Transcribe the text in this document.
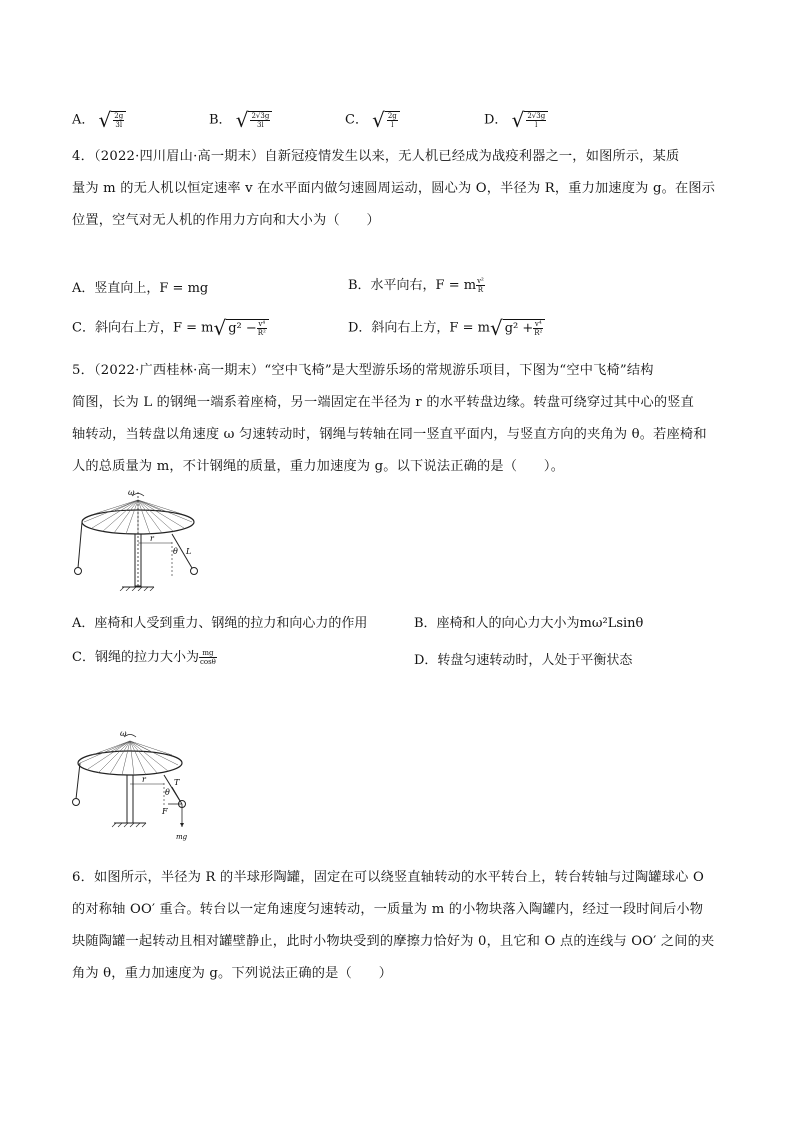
A． √ $\frac{2g}{3l}$	B． √ $\frac{2√3g}{3l}$	C． √ $\frac{2g}{l}$	D． √ $\frac{2√3g}{l}$
4．（2022·四川眉山·高一期末）自新冠疫情发生以来，无人机已经成为战疫利器之一，如图所示，某质
量为 m 的无人机以恒定速率 v 在水平面内做匀速圆周运动，圆心为 O，半径为 R，重力加速度为 g。在图示
位置，空气对无人机的作用力方向和大小为（　　）
A．竖直向上，F = mg	B．水平向右，F = m $\frac{\text{v²}}{R}$
C．斜向右上方，F = m√ $g^2 - \frac{\text{v⁴}}{\text{R²}}$	D．斜向右上方，F = m√ $g^2 + \frac{\text{v⁴}}{\text{R²}}$
5．（2022·广西桂林·高一期末）“空中飞椅”是大型游乐场的常规游乐项目，下图为“空中飞椅”结构
简图，长为 L 的钢绳一端系着座椅，另一端固定在半径为 r 的水平转盘边缘。转盘可绕穿过其中心的竖直
轴转动，当转盘以角速度 ω 匀速转动时，钢绳与转轴在同一竖直平面内，与竖直方向的夹角为 θ。若座椅和
人的总质量为 m，不计钢绳的质量，重力加速度为 g。以下说法正确的是（　　）。
ω
r
θ L
A．座椅和人受到重力、钢绳的拉力和向心力的作用	B．座椅和人的向心力大小为mω²Lsinθ
C．钢绳的拉力大小为 $\frac{mg}{\cos\theta}$	D．转盘匀速转动时，人处于平衡状态
ω
r	T
θ
F
mg
6．如图所示，半径为 R 的半球形陶罐，固定在可以绕竖直轴转动的水平转台上，转台转轴与过陶罐球心 O
的对称轴 OO′ 重合。转台以一定角速度匀速转动，一质量为 m 的小物块落入陶罐内，经过一段时间后小物
块随陶罐一起转动且相对罐壁静止，此时小物块受到的摩擦力恰好为 0，且它和 O 点的连线与 OO′ 之间的夹
角为 θ，重力加速度为 g。下列说法正确的是（　　）
